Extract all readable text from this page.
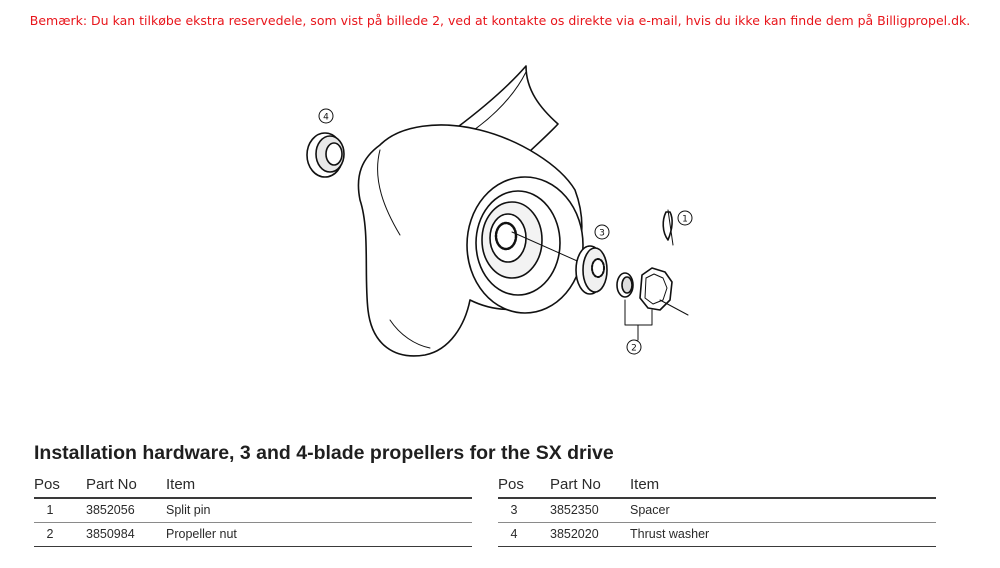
Bemærk: Du kan tilkøbe ekstra reservedele, som vist på billede 2, ved at kontakte os direkte via e-mail, hvis du ikke kan finde dem på Billigpropel.dk.
4
3
2
1
Installation hardware, 3 and 4-blade propellers for the SX drive
Pos	Part No	Item
1	3852056	Split pin
2	3850984	Propeller nut
Pos	Part No	Item
3	3852350	Spacer
4	3852020	Thrust washer
